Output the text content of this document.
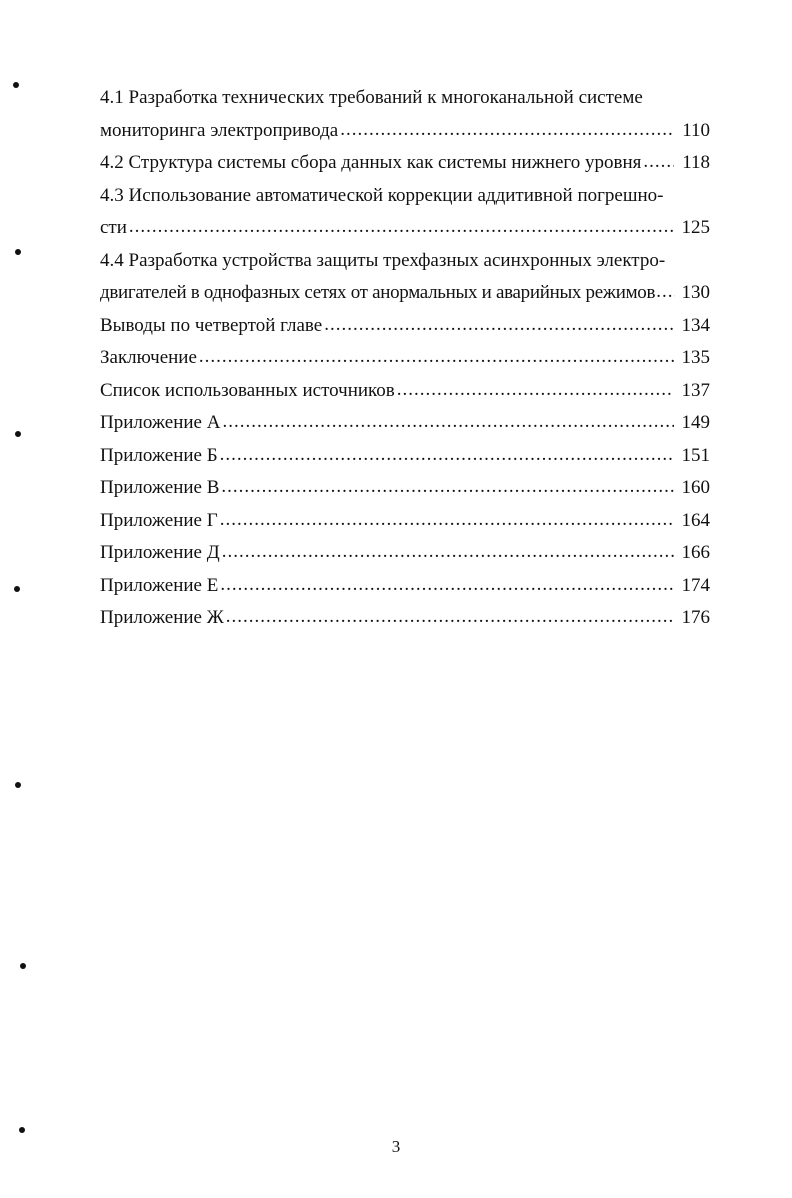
4.1 Разработка технических требований к многоканальной системе
мониторинга электропривода .....	110
4.2 Структура системы сбора данных как системы нижнего уровня .....	118
4.3 Использование автоматической коррекции аддитивной погрешно-
сти .....	125
4.4 Разработка устройства защиты трехфазных асинхронных электро-
двигателей в однофазных сетях от анормальных и аварийных режимов ..... 130
Выводы по четвертой главе .....	134
Заключение .....	135
Список использованных источников .....	137
Приложение А .....	149
Приложение Б .....	151
Приложение В .....	160
Приложение Г .....	164
Приложение Д .....	166
Приложение Е .....	174
Приложение Ж .....	176
3
